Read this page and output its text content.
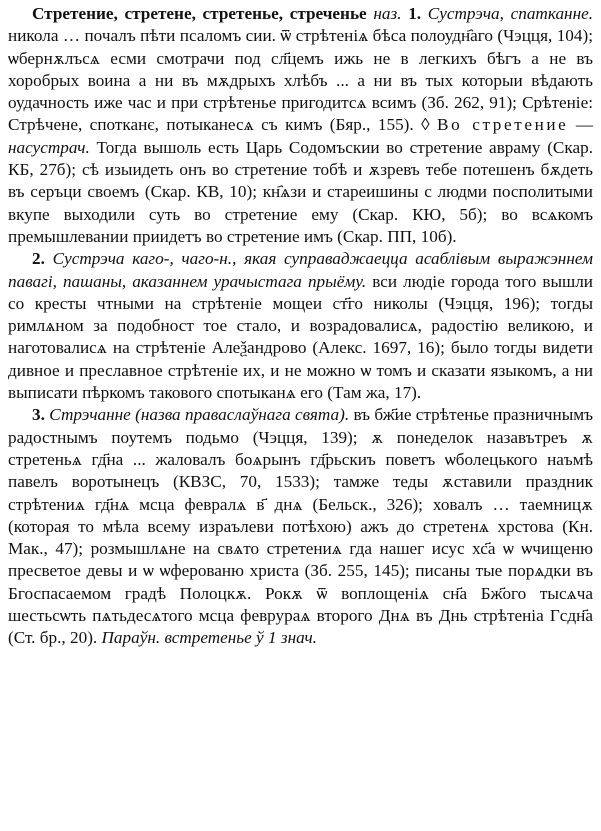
Стретение, стретене, стретенье, стреченье наз. 1. Сустрэча, спатканне. никола … почалъ пѣти псаломъ сии. ѿ стрѣтеніѧ бѣса полоудн҄аго (Чэцця, 104); ѡбернѫлъсѧ есми смотрачи под сл҃цемъ ижь не в легкихъ бѣгъ а не въ хоробрых воина а ни въ мѫдрыхъ хлѣбъ ... а ни въ тых которыи вѣдають оудачность иже час и при стрѣтенье пригодитсѧ всимъ (Зб. 262, 91); Срѣтеніе: Стрѣчене, спотканє, потыканесѧ съ кимъ (Бяр., 155). ◊ Во стретение — насустрач. Тогда вышоль есть Царь Содомъскии во стретение авраму (Скар. КБ, 27б); сѣ изыидеть онъ во стретение тобѣ и ѫзревъ тебе потешенъ бѫдеть въ серъци своемъ (Скар. КВ, 10); кн҄ѧзи и стареишины с людми посполитыми вкупе выходили суть во стретение ему (Скар. КЮ, 5б); во всѧкомъ премышлевании приидетъ во стретение имъ (Скар. ПП, 10б).

2. Сустрэча каго-, чаго-н., якая суправаджаецца асаблівым выражэннем павагі, пашаны, аказаннем урачыстага прыёму. вси людіе города того вышли со кресты чтными на стрѣтеніе мощеи ст҃го николы (Чэцця, 196); тогды римлѧном за подобност тое стало, и возрадовалисѧ, радостію великою, и наготовалисѧ на стрѣтеніе Алеѯандрово (Алекс. 1697, 16); было тогды видети дивное и преславное стрѣтеніе их, и не можно ѡ томъ и сказати языкомъ, а ни выписати пѣркомъ такового спотыканѧ его (Там жа, 17).

3. Стрэчанне (назва праваслаўнага свята). въ бж҃ие стрѣтенье празничнымъ радостнымъ поутемъ подьмо (Чэцця, 139); ѫ понеделок назавътреъ ѫ стретеньѧ гд҃на ... жаловалъ боѧрынъ гд҃рьскиъ поветъ ѡболецького наъмѣ павелъ воротынецъ (КВЗС, 70, 1533); тамже теды ѫставили праздник стрѣтениѧ гд҃нѧ мсца февралѧ в҃ днѧ (Бельск., 326); ховалъ … таемницѫ (которая то мѣла всему израълеви потѣхою) ажъ до стретенѧ хрстова (Кн. Мак., 47); розмышлѧне на свѧто стретениѧ гда нашег исус хс҃а ѡ ѡчищеню пресветое девы и ѡ ѡферованю христа (Зб. 255, 145); писаны тые порѧдки въ Бгоспасаемом градѣ Полоцкѫ. Рокѫ ѿ воплощеніѧ сн҃а Бж҃ого тысѧча шестьсѡть пѧтьдесѧтого мсца феврураѧ второго Днѧ въ Днь стрѣтеніа Гсдн҃а (Ст. бр., 20). Параўн. встретенье ў 1 знач.
